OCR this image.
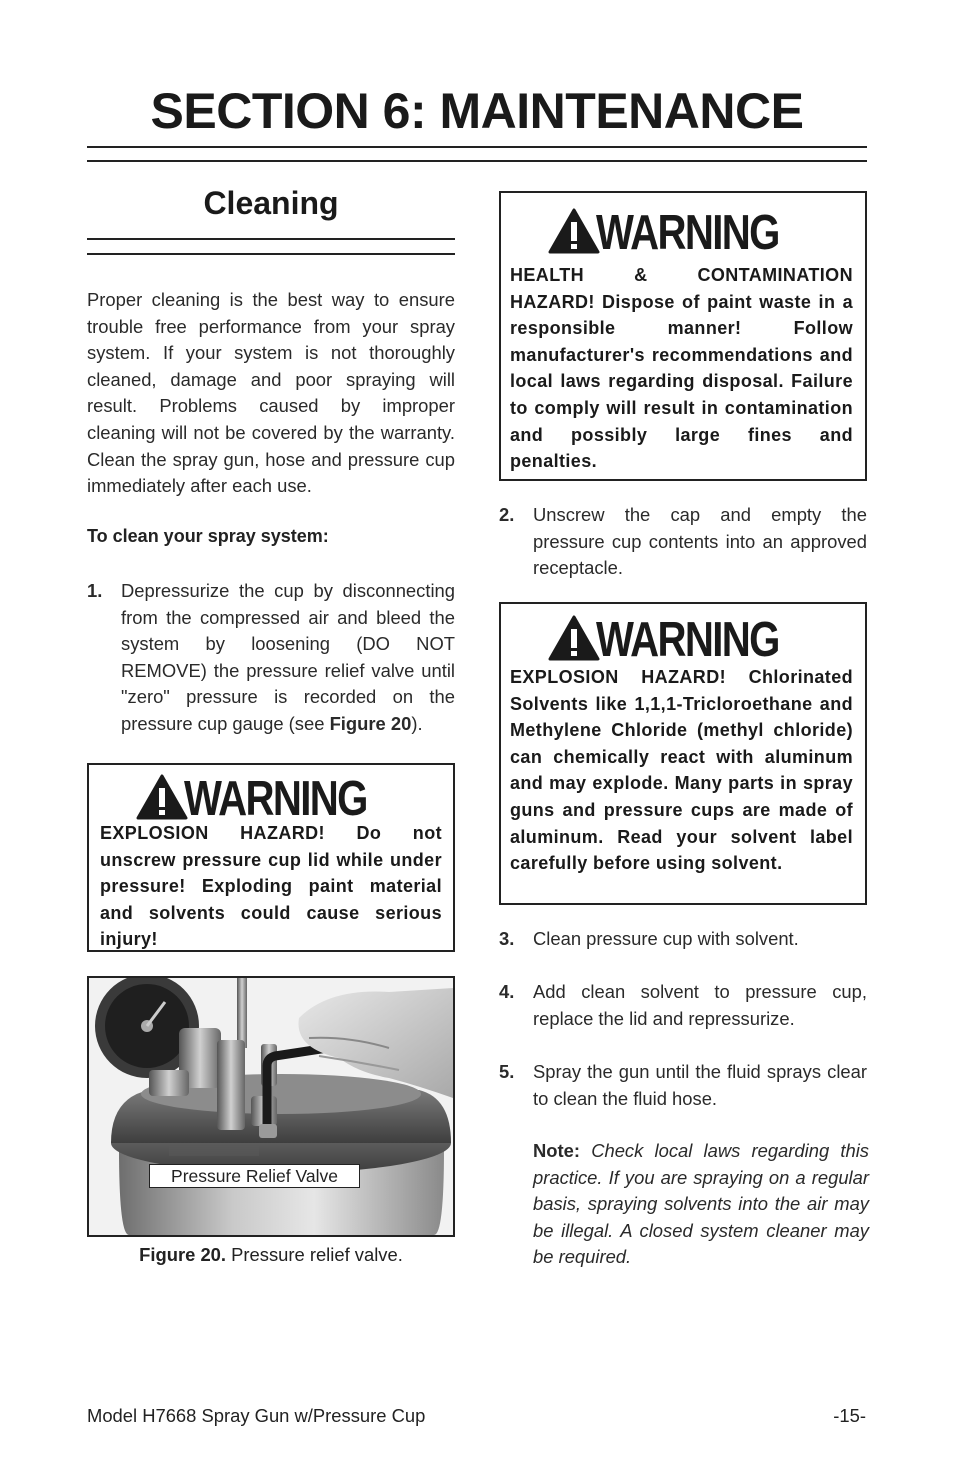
SECTION 6: MAINTENANCE
Cleaning
Proper cleaning is the best way to ensure trouble free performance from your spray system. If your system is not thoroughly cleaned, damage and poor spraying will result. Problems caused by improper cleaning will not be covered by the warranty. Clean the spray gun, hose and pressure cup immediately after each use.
To clean your spray system:
1. Depressurize the cup by disconnecting from the compressed air and bleed the system by loosening (DO NOT REMOVE) the pressure relief valve until "zero" pressure is recorded on the pressure cup gauge (see Figure 20).
WARNING
EXPLOSION HAZARD! Do not unscrew pressure cup lid while under pressure! Exploding paint material and solvents could cause serious injury!
Pressure Relief Valve
Figure 20. Pressure relief valve.
WARNING
HEALTH & CONTAMINATION HAZARD! Dispose of paint waste in a responsible manner! Follow manufacturer's recommendations and local laws regarding disposal. Failure to comply will result in contamination and possibly large fines and penalties.
2. Unscrew the cap and empty the pressure cup contents into an approved receptacle.
WARNING
EXPLOSION HAZARD! Chlorinated Solvents like 1,1,1-Tricloroethane and Methylene Chloride (methyl chloride) can chemically react with aluminum and may explode. Many parts in spray guns and pressure cups are made of aluminum. Read your solvent label carefully before using solvent.
3. Clean pressure cup with solvent.
4. Add clean solvent to pressure cup, replace the lid and repressurize.
5. Spray the gun until the fluid sprays clear to clean the fluid hose.
Note: Check local laws regarding this practice. If you are spraying on a regular basis, spraying solvents into the air may be illegal. A closed system cleaner may be required.
Model H7668 Spray Gun w/Pressure Cup	-15-
